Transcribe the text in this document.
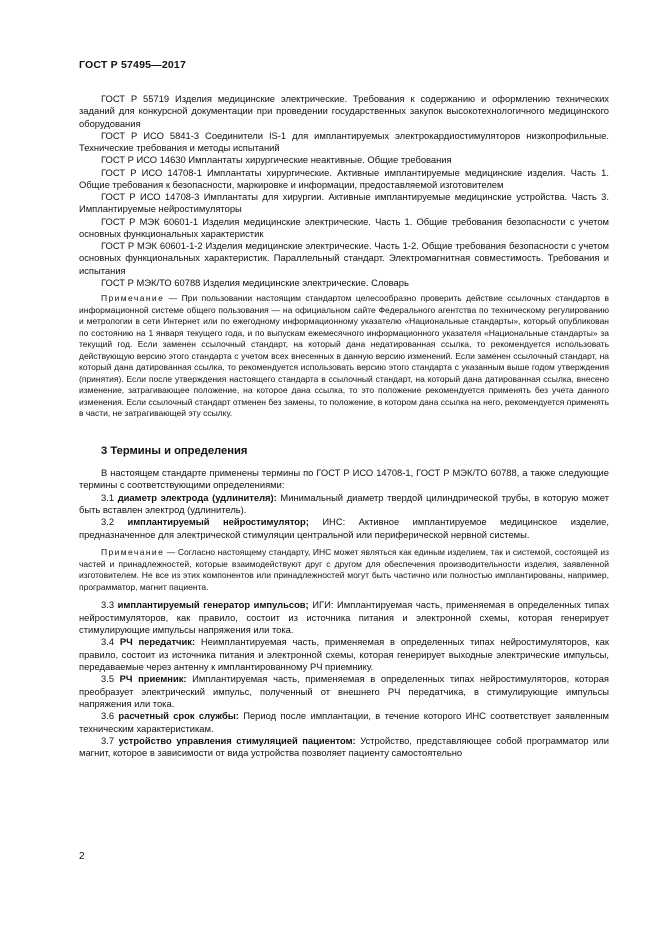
ГОСТ Р 57495—2017

ГОСТ Р 55719 Изделия медицинские электрические. Требования к содержанию и оформлению технических заданий для конкурсной документации при проведении государственных закупок высокотехнологичного медицинского оборудования

ГОСТ Р ИСО 5841-3 Соединители IS-1 для имплантируемых электрокардиостимуляторов низкопрофильные. Технические требования и методы испытаний

ГОСТ Р ИСО 14630 Имплантаты хирургические неактивные. Общие требования

ГОСТ Р ИСО 14708-1 Имплантаты хирургические. Активные имплантируемые медицинские изделия. Часть 1. Общие требования к безопасности, маркировке и информации, предоставляемой изготовителем

ГОСТ Р ИСО 14708-3 Имплантаты для хирургии. Активные имплантируемые медицинские устройства. Часть 3. Имплантируемые нейростимуляторы

ГОСТ Р МЭК 60601-1 Изделия медицинские электрические. Часть 1. Общие требования безопасности с учетом основных функциональных характеристик

ГОСТ Р МЭК 60601-1-2 Изделия медицинские электрические. Часть 1-2. Общие требования безопасности с учетом основных функциональных характеристик. Параллельный стандарт. Электромагнитная совместимость. Требования и испытания

ГОСТ Р МЭК/ТО 60788 Изделия медицинские электрические. Словарь

Примечание — При пользовании настоящим стандартом целесообразно проверить действие ссылочных стандартов в информационной системе общего пользования — на официальном сайте Федерального агентства по техническому регулированию и метрологии в сети Интернет или по ежегодному информационному указателю «Национальные стандарты», который опубликован по состоянию на 1 января текущего года, и по выпускам ежемесячного информационного указателя «Национальные стандарты» за текущий год. Если заменен ссылочный стандарт, на который дана недатированная ссылка, то рекомендуется использовать действующую версию этого стандарта с учетом всех внесенных в данную версию изменений. Если заменен ссылочный стандарт, на который дана датированная ссылка, то рекомендуется использовать версию этого стандарта с указанным выше годом утверждения (принятия). Если после утверждения настоящего стандарта в ссылочный стандарт, на который дана датированная ссылка, внесено изменение, затрагивающее положение, на которое дана ссылка, то это положение рекомендуется применять без учета данного изменения. Если ссылочный стандарт отменен без замены, то положение, в котором дана ссылка на него, рекомендуется применять в части, не затрагивающей эту ссылку.

3 Термины и определения

В настоящем стандарте применены термины по ГОСТ Р ИСО 14708-1, ГОСТ Р МЭК/ТО 60788, а также следующие термины с соответствующими определениями:

3.1 диаметр электрода (удлинителя): Минимальный диаметр твердой цилиндрической трубы, в которую может быть вставлен электрод (удлинитель).

3.2 имплантируемый нейростимулятор; ИНС: Активное имплантируемое медицинское изделие, предназначенное для электрической стимуляции центральной или периферической нервной системы.

Примечание — Согласно настоящему стандарту, ИНС может являться как единым изделием, так и системой, состоящей из частей и принадлежностей, которые взаимодействуют друг с другом для обеспечения производительности изделия, заявленной изготовителем. Не все из этих компонентов или принадлежностей могут быть частично или полностью имплантированы, например, программатор, магнит пациента.

3.3 имплантируемый генератор импульсов; ИГИ: Имплантируемая часть, применяемая в определенных типах нейростимуляторов, как правило, состоит из источника питания и электронной схемы, которая генерирует стимулирующие импульсы напряжения или тока.

3.4 РЧ передатчик: Неимплантируемая часть, применяемая в определенных типах нейростимуляторов, как правило, состоит из источника питания и электронной схемы, которая генерирует выходные электрические импульсы, передаваемые через антенну к имплантированному РЧ приемнику.

3.5 РЧ приемник: Имплантируемая часть, применяемая в определенных типах нейростимуляторов, которая преобразует электрический импульс, полученный от внешнего РЧ передатчика, в стимулирующие импульсы напряжения или тока.

3.6 расчетный срок службы: Период после имплантации, в течение которого ИНС соответствует заявленным техническим характеристикам.

3.7 устройство управления стимуляцией пациентом: Устройство, представляющее собой программатор или магнит, которое в зависимости от вида устройства позволяет пациенту самостоятельно

2
